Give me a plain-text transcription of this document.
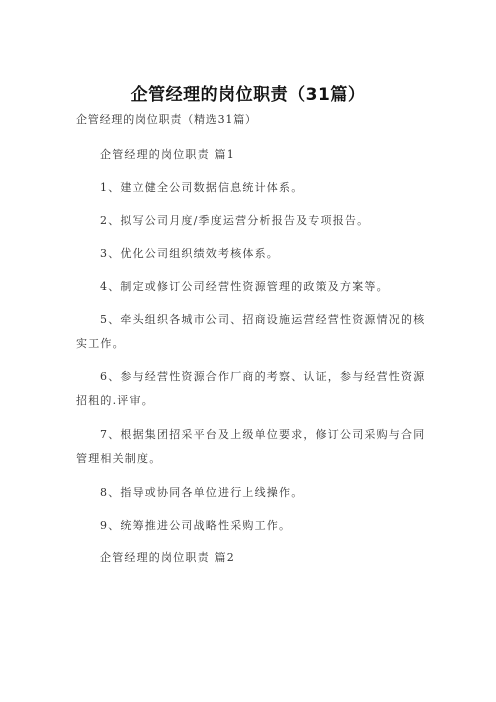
企管经理的岗位职责（31篇）
企管经理的岗位职责（精选31篇）

企管经理的岗位职责 篇1

1、建立健全公司数据信息统计体系。

2、拟写公司月度/季度运营分析报告及专项报告。

3、优化公司组织绩效考核体系。

4、制定或修订公司经营性资源管理的政策及方案等。

5、牵头组织各城市公司、招商设施运营经营性资源情况的核实工作。

6、参与经营性资源合作厂商的考察、认证，参与经营性资源招租的.评审。

7、根据集团招采平台及上级单位要求，修订公司采购与合同管理相关制度。

8、指导或协同各单位进行上线操作。

9、统筹推进公司战略性采购工作。

企管经理的岗位职责 篇2
